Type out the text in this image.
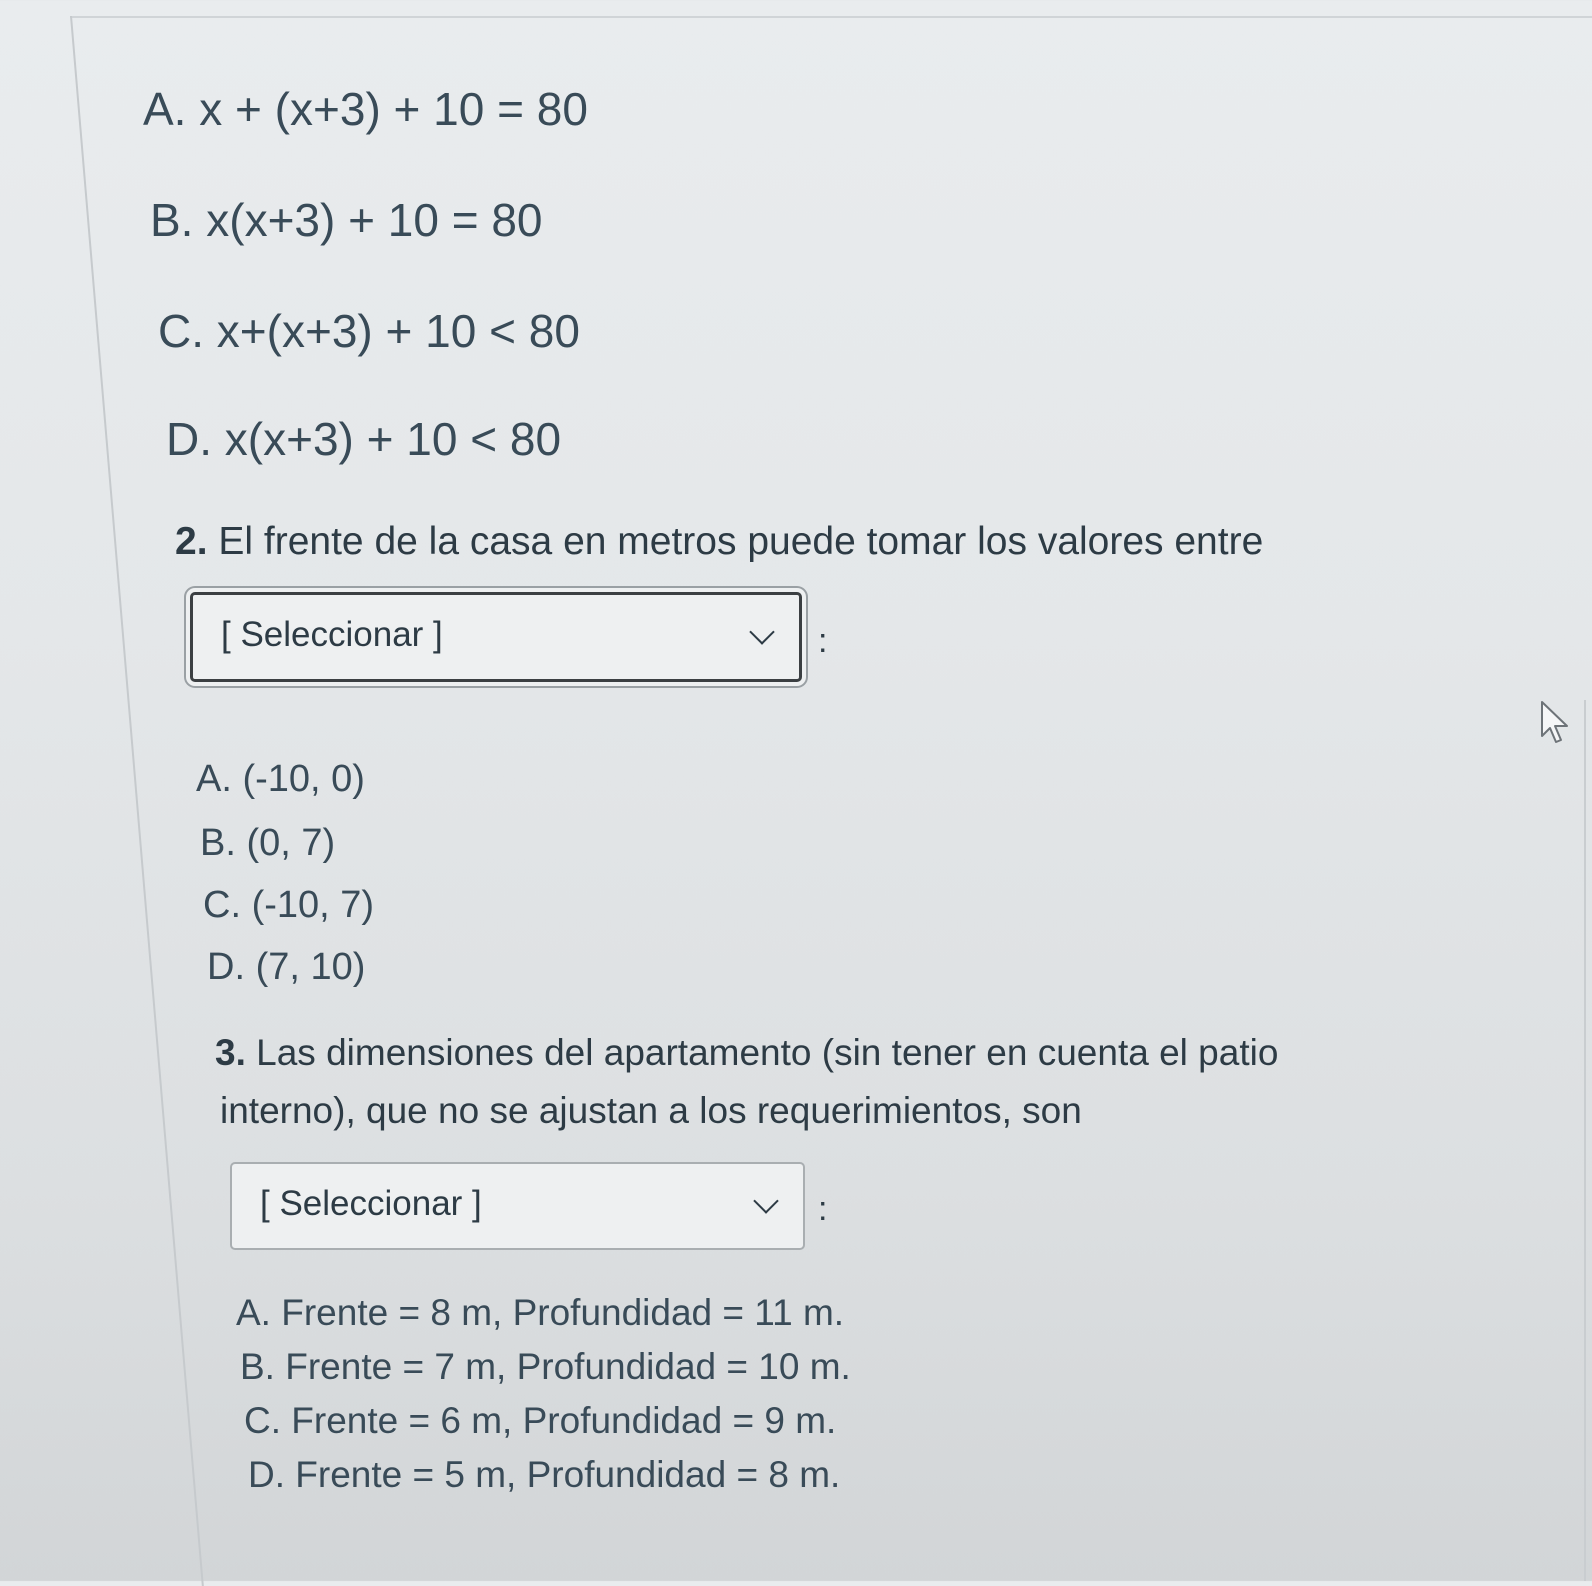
A. x + (x+3) + 10 = 80
B. x(x+3) + 10 = 80
C. x+(x+3) + 10 < 80
D. x(x+3) + 10 < 80
2. El frente de la casa en metros puede tomar los valores entre
[ Seleccionar ]	:
A. (-10, 0)
B. (0, 7)
C. (-10, 7)
D. (7, 10)
3. Las dimensiones del apartamento (sin tener en cuenta el patio
interno), que no se ajustan a los requerimientos, son
[ Seleccionar ]	:
A. Frente = 8 m, Profundidad = 11 m.
B. Frente = 7 m, Profundidad = 10 m.
C. Frente = 6 m, Profundidad = 9 m.
D. Frente = 5 m, Profundidad = 8 m.
